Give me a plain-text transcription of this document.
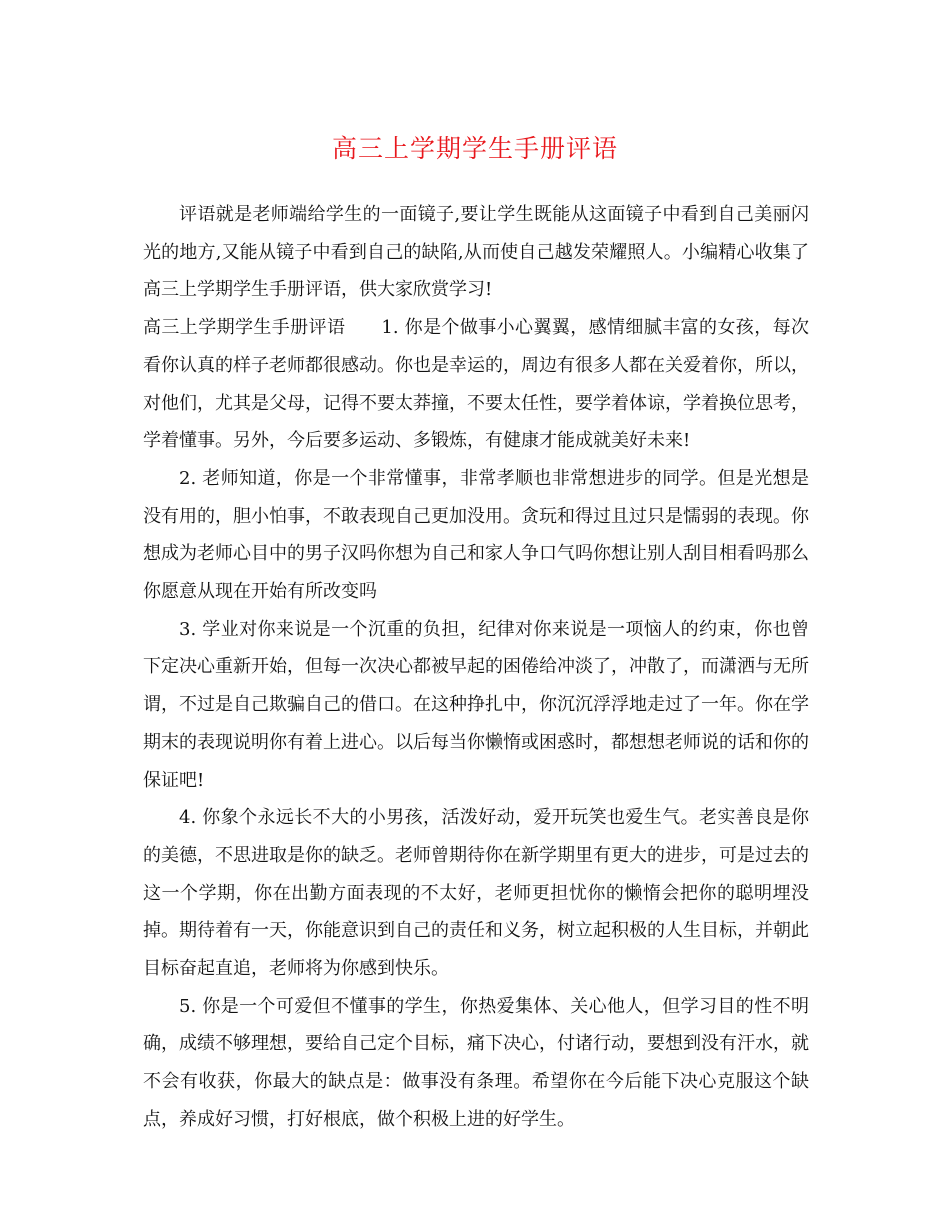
高三上学期学生手册评语

评语就是老师端给学生的一面镜子,要让学生既能从这面镜子中看到自己美丽闪光的地方,又能从镜子中看到自己的缺陷,从而使自己越发荣耀照人。小编精心收集了高三上学期学生手册评语，供大家欣赏学习!

高三上学期学生手册评语 1. 你是个做事小心翼翼，感情细腻丰富的女孩，每次看你认真的样子老师都很感动。你也是幸运的，周边有很多人都在关爱着你，所以，对他们，尤其是父母，记得不要太莽撞，不要太任性，要学着体谅，学着换位思考，学着懂事。另外，今后要多运动、多锻炼，有健康才能成就美好未来!

2. 老师知道，你是一个非常懂事，非常孝顺也非常想进步的同学。但是光想是没有用的，胆小怕事，不敢表现自己更加没用。贪玩和得过且过只是懦弱的表现。你想成为老师心目中的男子汉吗你想为自己和家人争口气吗你想让别人刮目相看吗那么你愿意从现在开始有所改变吗

3. 学业对你来说是一个沉重的负担，纪律对你来说是一项恼人的约束，你也曾下定决心重新开始，但每一次决心都被早起的困倦给冲淡了，冲散了，而潇洒与无所谓，不过是自己欺骗自己的借口。在这种挣扎中，你沉沉浮浮地走过了一年。你在学期末的表现说明你有着上进心。以后每当你懒惰或困惑时，都想想老师说的话和你的保证吧!

4. 你象个永远长不大的小男孩，活泼好动，爱开玩笑也爱生气。老实善良是你的美德，不思进取是你的缺乏。老师曾期待你在新学期里有更大的进步，可是过去的这一个学期，你在出勤方面表现的不太好，老师更担忧你的懒惰会把你的聪明埋没掉。期待着有一天，你能意识到自己的责任和义务，树立起积极的人生目标，并朝此目标奋起直追，老师将为你感到快乐。

5. 你是一个可爱但不懂事的学生，你热爱集体、关心他人，但学习目的性不明确，成绩不够理想，要给自己定个目标，痛下决心，付诸行动，要想到没有汗水，就不会有收获，你最大的缺点是：做事没有条理。希望你在今后能下决心克服这个缺点，养成好习惯，打好根底，做个积极上进的好学生。
